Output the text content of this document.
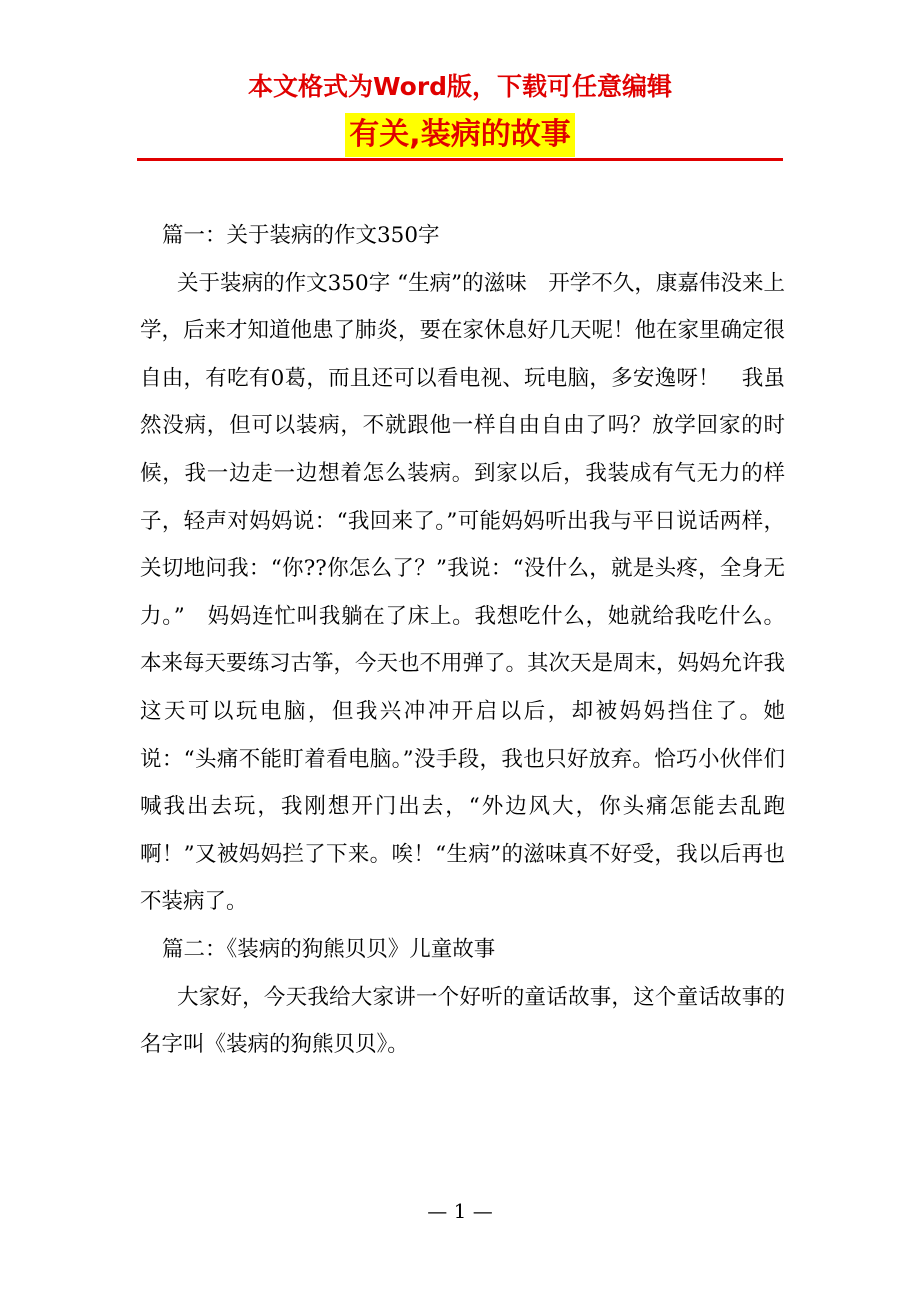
本文格式为Word版，下载可任意编辑
有关,装病的故事

篇一：关于装病的作文350字

关于装病的作文350字 “生病”的滋味　开学不久，康嘉伟没来上学，后来才知道他患了肺炎，要在家休息好几天呢！他在家里确定很自由，有吃有0葛，而且还可以看电视、玩电脑，多安逸呀！　我虽然没病，但可以装病，不就跟他一样自由自由了吗？放学回家的时候，我一边走一边想着怎么装病。到家以后，我装成有气无力的样子，轻声对妈妈说：“我回来了。”可能妈妈听出我与平日说话两样，关切地问我：“你??你怎么了？”我说：“没什么，就是头疼，全身无力。”　妈妈连忙叫我躺在了床上。我想吃什么，她就给我吃什么。本来每天要练习古筝，今天也不用弹了。其次天是周末，妈妈允许我这天可以玩电脑，但我兴冲冲开启以后，却被妈妈挡住了。她说：“头痛不能盯着看电脑。”没手段，我也只好放弃。恰巧小伙伴们喊我出去玩，我刚想开门出去，“外边风大，你头痛怎能去乱跑啊！”又被妈妈拦了下来。唉！“生病”的滋味真不好受，我以后再也不装病了。

篇二：《装病的狗熊贝贝》儿童故事

大家好，今天我给大家讲一个好听的童话故事，这个童话故事的名字叫《装病的狗熊贝贝》。

— 1 —
